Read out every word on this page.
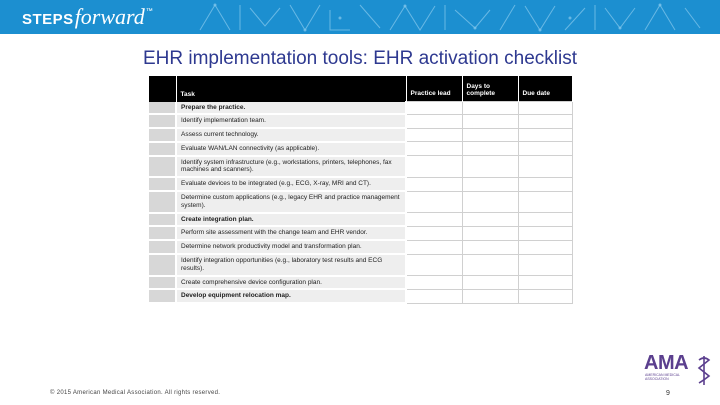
STEPS forward ™
EHR implementation tools: EHR activation checklist
	Task	Practice lead	Days to complete	Due date
	Prepare the practice.			
	Identify implementation team.			
	Assess current technology.			
	Evaluate WAN/LAN connectivity (as applicable).			
	Identify system infrastructure (e.g., workstations, printers, telephones, fax machines and scanners).			
	Evaluate devices to be integrated (e.g., ECG, X-ray, MRI and CT).			
	Determine custom applications (e.g., legacy EHR and practice management system).			
	Create integration plan.			
	Perform site assessment with the change team and EHR vendor.			
	Determine network productivity model and transformation plan.			
	Identify integration opportunities (e.g., laboratory test results and ECG results).			
	Create comprehensive device configuration plan.			
	Develop equipment relocation map.			
© 2015 American Medical Association. All rights reserved.
AMA
AMERICAN MEDICAL
ASSOCIATION
9
